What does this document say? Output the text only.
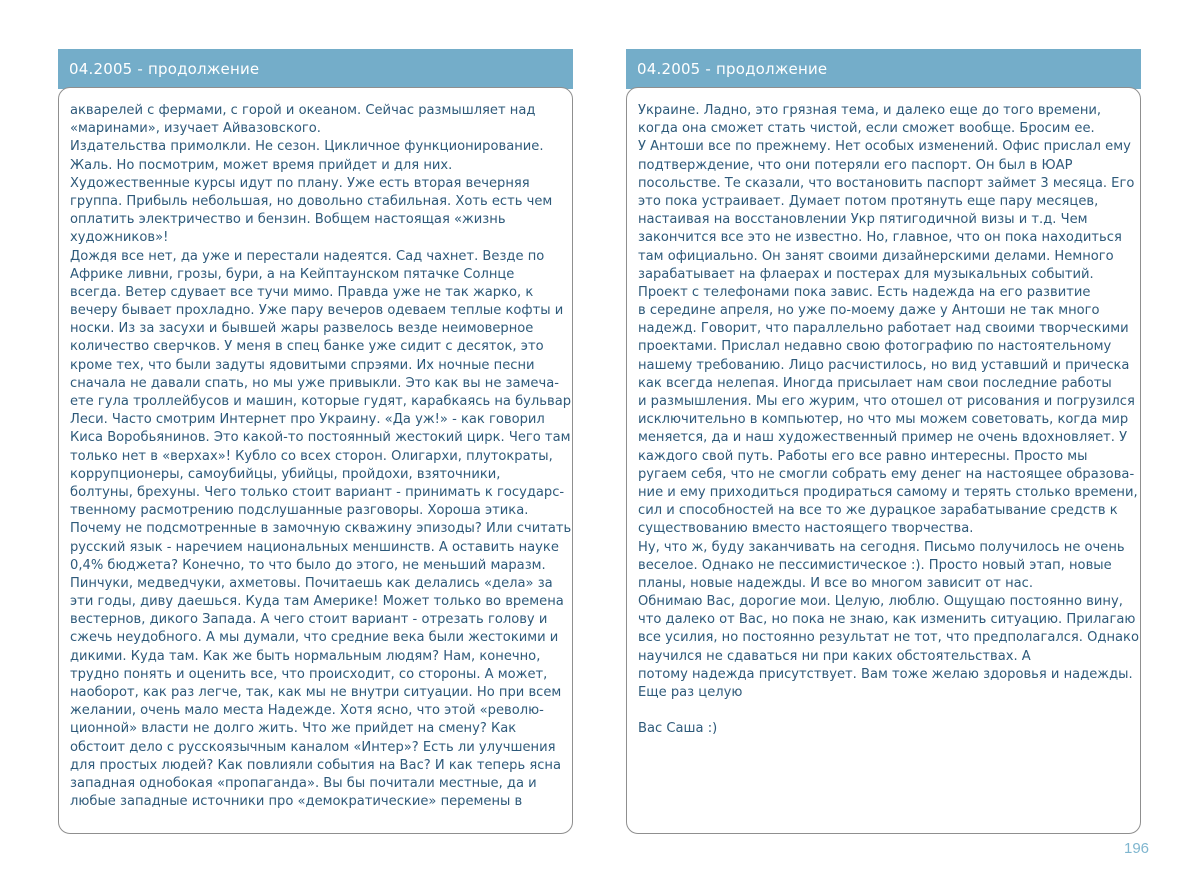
04.2005 - продолжение
акварелей с фермами, с горой и океаном. Сейчас размышляет над
«маринами», изучает Айвазовского.
Издательства примолкли. Не сезон. Цикличное функционирование.
Жаль. Но посмотрим, может время прийдет и для них.
Художественные курсы идут по плану. Уже есть вторая вечерняя
группа. Прибыль небольшая, но довольно стабильная. Хоть есть чем
оплатить электричество и бензин. Вобщем настоящая «жизнь
художников»!
Дождя все нет, да уже и перестали надеятся. Сад чахнет. Везде по
Африке ливни, грозы, бури, а на Кейптаунском пятачке Солнце
всегда. Ветер сдувает все тучи мимо. Правда уже не так жарко, к
вечеру бывает прохладно. Уже пару вечеров одеваем теплые кофты и
носки. Из за засухи и бывшей жары развелось везде неимоверное
количество сверчков. У меня в спец банке уже сидит с десяток, это
кроме тех, что были задуты ядовитыми спрэями. Их ночные песни
сначала не давали спать, но мы уже привыкли. Это как вы не замеча-
ете гула троллейбусов и машин, которые гудят, карабкаясь на бульвар
Леси. Часто смотрим Интернет про Украину. «Да уж!» - как говорил
Киса Воробьянинов. Это какой-то постоянный жестокий цирк. Чего там
только нет в «верхах»! Кубло со всех сторон. Олигархи, плутократы,
коррупционеры, самоубийцы, убийцы, пройдохи, взяточники,
болтуны, брехуны. Чего только стоит вариант - принимать к государс-
твенному расмотрению подслушанные разговоры. Хороша этика.
Почему не подсмотренные в замочную скважину эпизоды? Или считать
русский язык - наречием национальных меншинств. А оставить науке
0,4% бюджета? Конечно, то что было до этого, не меньший маразм.
Пинчуки, медведчуки, ахметовы. Почитаешь как делались «дела» за
эти годы, диву даешься. Куда там Америке! Может только во времена
вестернов, дикого Запада. А чего стоит вариант - отрезать голову и
сжечь неудобного. А мы думали, что средние века были жестокими и
дикими. Куда там. Как же быть нормальным людям? Нам, конечно,
трудно понять и оценить все, что происходит, со стороны. А может,
наоборот, как раз легче, так, как мы не внутри ситуации. Но при всем
желании, очень мало места Надежде. Хотя ясно, что этой «револю-
ционной» власти не долго жить. Что же прийдет на смену? Как
обстоит дело с русскоязычным каналом «Интер»? Есть ли улучшения
для простых людей? Как повлияли события на Вас? И как теперь ясна
западная однобокая «пропаганда». Вы бы почитали местные, да и
любые западные источники про «демократические» перемены в
04.2005 - продолжение
Украине. Ладно, это грязная тема, и далеко еще до того времени,
когда она сможет стать чистой, если сможет вообще. Бросим ее.
У Антоши все по прежнему. Нет особых изменений. Офис прислал ему
подтверждение, что они потеряли его паспорт. Он был в ЮАР
посольстве. Те сказали, что востановить паспорт займет 3 месяца. Его
это пока устраивает. Думает потом протянуть еще пару месяцев,
настаивая на восстановлении Укр пятигодичной визы и т.д. Чем
закончится все это не известно. Но, главное, что он пока находиться
там официально. Он занят своими дизайнерскими делами. Немного
зарабатывает на флаерах и постерах для музыкальных событий.
Проект с телефонами пока завис. Есть надежда на его развитие
в середине апреля, но уже по-моему даже у Антоши не так много
надежд. Говорит, что параллельно работает над своими творческими
проектами. Прислал недавно свою фотографию по настоятельному
нашему требованию. Лицо расчистилось, но вид уставший и прическа
как всегда нелепая. Иногда присылает нам свои последние работы
и размышления. Мы его журим, что отошел от рисования и погрузился
исключительно в компьютер, но что мы можем советовать, когда мир
меняется, да и наш художественный пример не очень вдохновляет. У
каждого свой путь. Работы его все равно интересны. Просто мы
ругаем себя, что не смогли собрать ему денег на настоящее образова-
ние и ему приходиться продираться самому и терять столько времени,
сил и способностей на все то же дурацкое зарабатывание средств к
существованию вместо настоящего творчества.
Ну, что ж, буду заканчивать на сегодня. Письмо получилось не очень
веселое. Однако не пессимистическое :). Просто новый этап, новые
планы, новые надежды. И все во многом зависит от нас.
Обнимаю Вас, дорогие мои. Целую, люблю. Ощущаю постоянно вину,
что далеко от Вас, но пока не знаю, как изменить ситуацию. Прилагаю
все усилия, но постоянно результат не тот, что предполагался. Однако
научился не сдаваться ни при каких обстоятельствах. А
потому надежда присутствует. Вам тоже желаю здоровья и надежды.
Еще раз целую
Вас Саша :)
196
